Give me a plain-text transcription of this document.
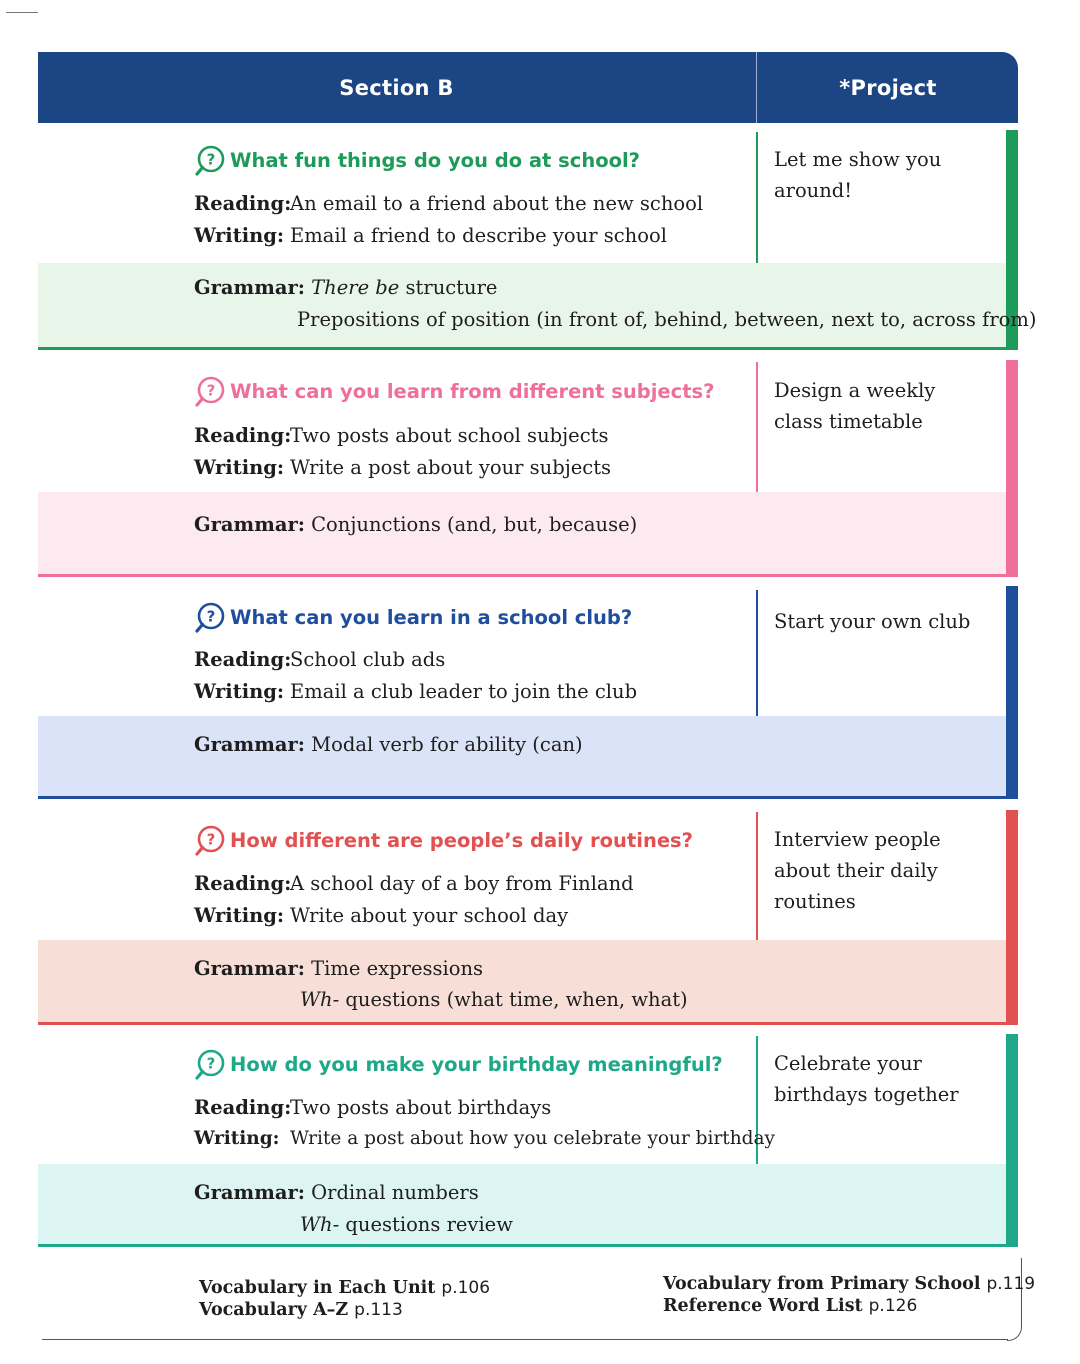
Section B	*Project
? What fun things do you do at school?
Reading:An email to a friend about the new school
Writing: Email a friend to describe your school
Grammar: There be structure
Prepositions of position (in front of, behind, between, next to, across from)
Let me show you around!
? What can you learn from different subjects?
Reading:Two posts about school subjects
Writing: Write a post about your subjects
Grammar: Conjunctions (and, but, because)
Design a weekly class timetable
? What can you learn in a school club?
Reading:School club ads
Writing: Email a club leader to join the club
Grammar: Modal verb for ability (can)
Start your own club
? How different are people’s daily routines?
Reading:A school day of a boy from Finland
Writing: Write about your school day
Grammar: Time expressions
Wh- questions (what time, when, what)
Interview people about their daily routines
? How do you make your birthday meaningful?
Reading:Two posts about birthdays
Writing: Write a post about how you celebrate your birthday
Grammar: Ordinal numbers
Wh- questions review
Celebrate your birthdays together
Vocabulary in Each Unit p.106
Vocabulary A–Z p.113
Vocabulary from Primary School p.119
Reference Word List p.126
